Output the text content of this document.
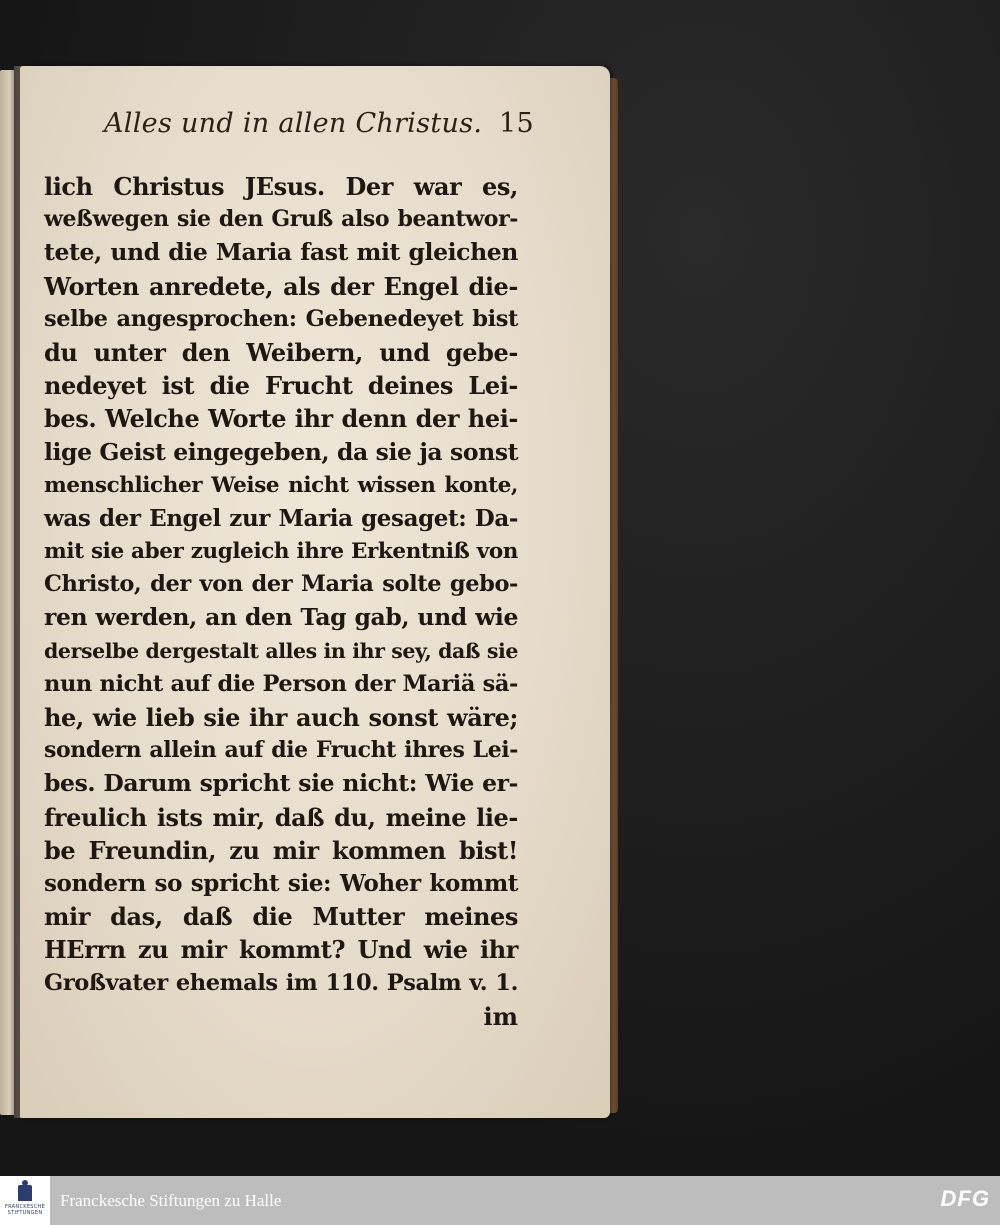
Alles und in allen Christus. 15
lich Christus JEsus. Der war es,
weßwegen sie den Gruß also beantwor-
tete, und die Maria fast mit gleichen
Worten anredete, als der Engel die-
selbe angesprochen: Gebenedeyet bist
du unter den Weibern, und gebe-
nedeyet ist die Frucht deines Lei-
bes. Welche Worte ihr denn der hei-
lige Geist eingegeben, da sie ja sonst
menschlicher Weise nicht wissen konte,
was der Engel zur Maria gesaget: Da-
mit sie aber zugleich ihre Erkentniß von
Christo, der von der Maria solte gebo-
ren werden, an den Tag gab, und wie
derselbe dergestalt alles in ihr sey, daß sie
nun nicht auf die Person der Mariä sä-
he, wie lieb sie ihr auch sonst wäre;
sondern allein auf die Frucht ihres Lei-
bes. Darum spricht sie nicht: Wie er-
freulich ists mir, daß du, meine lie-
be Freundin, zu mir kommen bist!
sondern so spricht sie: Woher kommt
mir das, daß die Mutter meines
HErrn zu mir kommt? Und wie ihr
Großvater ehemals im 110. Psalm v. 1.
im
FRANCKESCHE STIFTUNGEN
Franckesche Stiftungen zu Halle	DFG
